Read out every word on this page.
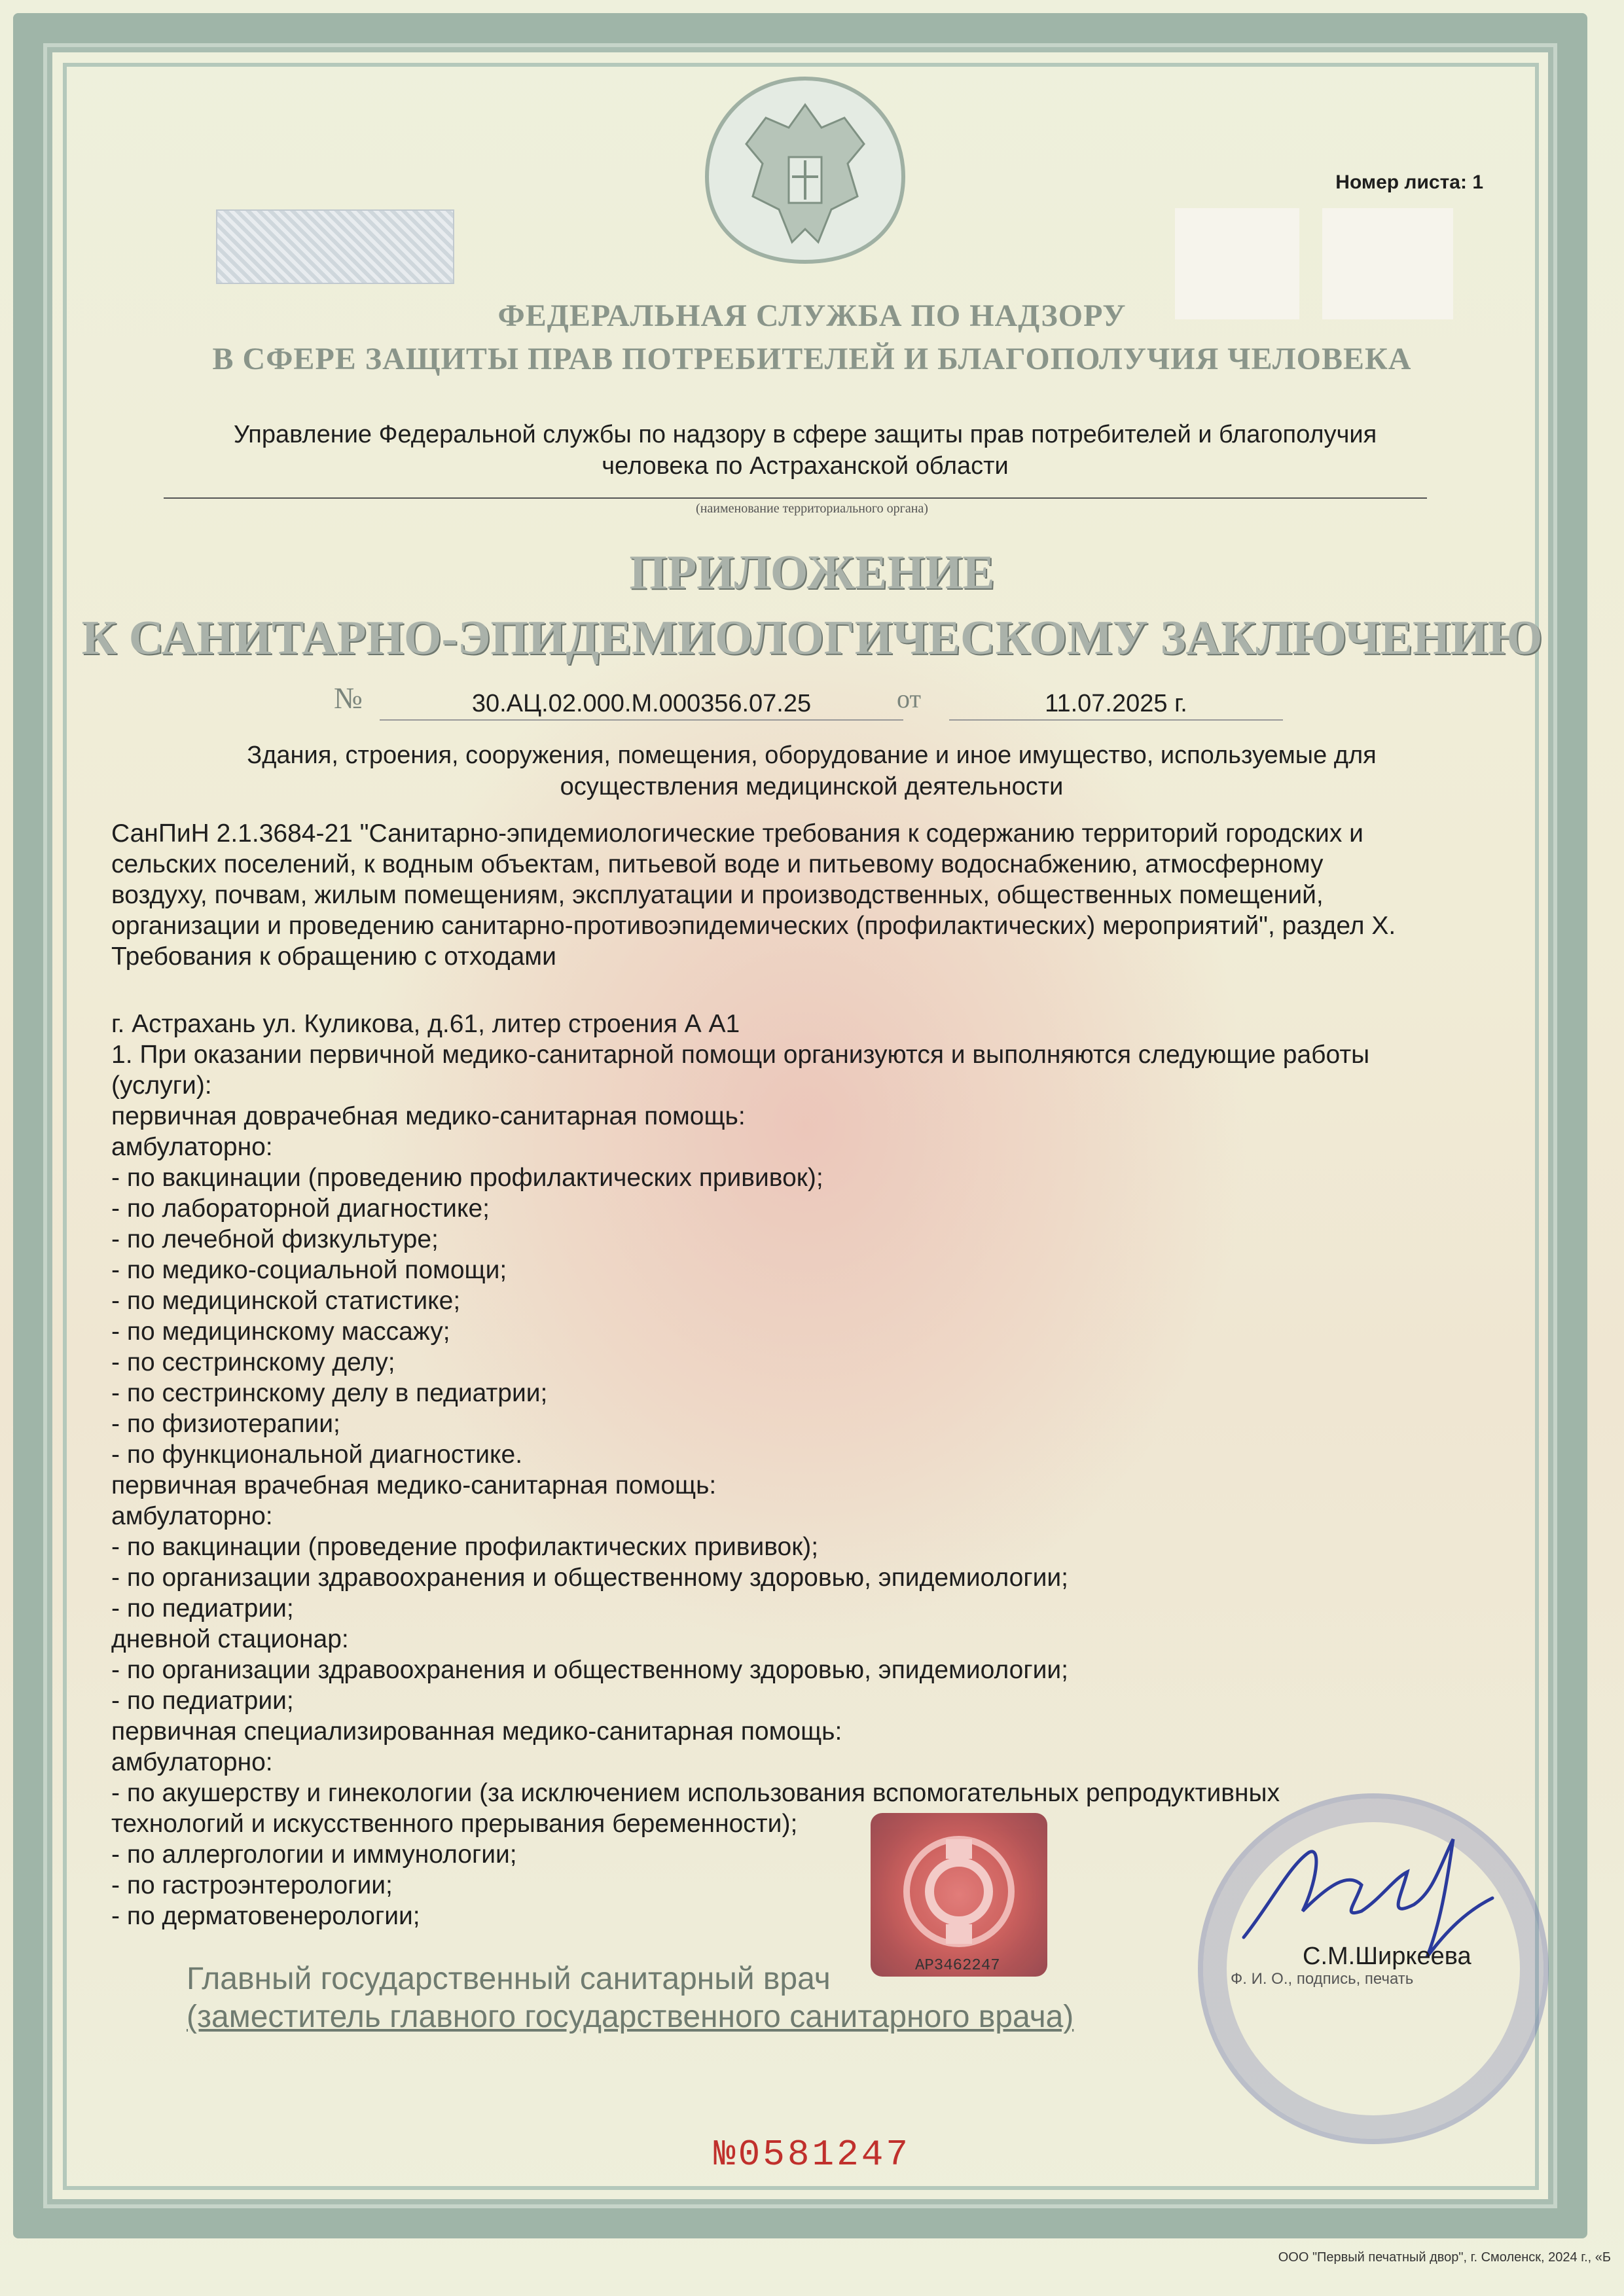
Номер листа: 1
ФЕДЕРАЛЬНАЯ СЛУЖБА ПО НАДЗОРУ
В СФЕРЕ ЗАЩИТЫ ПРАВ ПОТРЕБИТЕЛЕЙ И БЛАГОПОЛУЧИЯ ЧЕЛОВЕКА
Управление Федеральной службы по надзору в сфере защиты прав потребителей и благополучия
человека по Астраханской области
(наименование территориального органа)
ПРИЛОЖЕНИЕ
К САНИТАРНО-ЭПИДЕМИОЛОГИЧЕСКОМУ ЗАКЛЮЧЕНИЮ
№	30.АЦ.02.000.М.000356.07.25	от	11.07.2025 г.
Здания, строения, сооружения, помещения, оборудование и иное имущество, используемые для
осуществления медицинской деятельности

СанПиН 2.1.3684-21 "Санитарно-эпидемиологические требования к содержанию территорий городских и

сельских поселений, к водным объектам, питьевой воде и питьевому водоснабжению, атмосферному

воздуху, почвам, жилым помещениям, эксплуатации и производственных, общественных помещений,

организации и проведению санитарно-противоэпидемических (профилактических) мероприятий", раздел X.

Требования к обращению с отходами

г. Астрахань ул. Куликова, д.61, литер строения А А1

1. При оказании первичной медико-санитарной помощи организуются и выполняются следующие работы

(услуги):

первичная доврачебная медико-санитарная помощь:

амбулаторно:

- по вакцинации (проведению профилактических прививок);

- по лабораторной диагностике;

- по лечебной физкультуре;

- по медико-социальной помощи;

- по медицинской статистике;

- по медицинскому массажу;

- по сестринскому делу;

- по сестринскому делу в педиатрии;

- по физиотерапии;

- по функциональной диагностике.

первичная врачебная медико-санитарная помощь:

амбулаторно:

- по вакцинации (проведение профилактических прививок);

- по организации здравоохранения и общественному здоровью, эпидемиологии;

- по педиатрии;

дневной стационар:

- по организации здравоохранения и общественному здоровью, эпидемиологии;

- по педиатрии;

первичная специализированная медико-санитарная помощь:

амбулаторно:

- по акушерству и гинекологии (за исключением использования вспомогательных репродуктивных

технологий и искусственного прерывания беременности);

- по аллергологии и иммунологии;

- по гастроэнтерологии;

- по дерматовенерологии;

АР3462247	С.М.Ширкеева
Ф. И. О., подпись, печать
Главный государственный санитарный врач
(заместитель главного государственного санитарного врача)
№0581247
ООО "Первый печатный двор", г. Смоленск, 2024 г., «Б
